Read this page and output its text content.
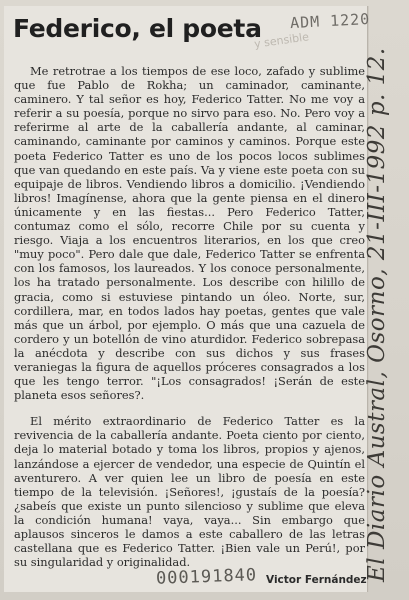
Federico, el poeta
y sensible

Me retrotrae a los tiempos de ese loco, zafado y sublime que fue Pablo de Rokha; un caminador, caminante, caminero. Y tal señor es hoy, Federico Tatter. No me voy a referir a su poesía, porque no sirvo para eso. No. Pero voy a referirme al arte de la caballería andante, al caminar, caminando, caminante por caminos y caminos. Porque este poeta Federico Tatter es uno de los pocos locos sublimes que van quedando en este país. Va y viene este poeta con su equipaje de libros. Vendiendo libros a domicilio. ¡Vendiendo libros! Imagínense, ahora que la gente piensa en el dinero únicamente y en las fiestas... Pero Federico Tatter, contumaz como el sólo, recorre Chile por su cuenta y riesgo. Viaja a los encuentros literarios, en los que creo "muy poco". Pero dale que dale, Federico Tatter se enfrenta con los famosos, los laureados. Y los conoce personalmente, los ha tratado personalmente. Los describe con hilillo de gracia, como si estuviese pintando un óleo. Norte, sur, cordillera, mar, en todos lados hay poetas, gentes que vale más que un árbol, por ejemplo. O más que una cazuela de cordero y un botellón de vino aturdidor. Federico sobrepasa la anécdota y describe con sus dichos y sus frases veraniegas la figura de aquellos próceres consagrados a los que les tengo terror. "¡Los consagrados! ¡Serán de este planeta esos señores?.

El mérito extraordinario de Federico Tatter es la revivencia de la caballería andante. Poeta ciento por ciento, deja lo material botado y toma los libros, propios y ajenos, lanzándose a ejercer de vendedor, una especie de Quintín el aventurero. A ver quien lee un libro de poesía en este tiempo de la televisión. ¡Señores!, ¡gustaís de la poesía? ¿sabeís que existe un punto silencioso y sublime que eleva la condición humana! vaya, vaya... Sin embargo que aplausos sinceros le damos a este caballero de las letras castellana que es Federico Tatter. ¡Bien vale un Perú!, por su singularidad y originalidad.

Victor Fernández
ADM 1220
000191840	El Diario Austral, Osorno, 21-III-1992 p. 12.
